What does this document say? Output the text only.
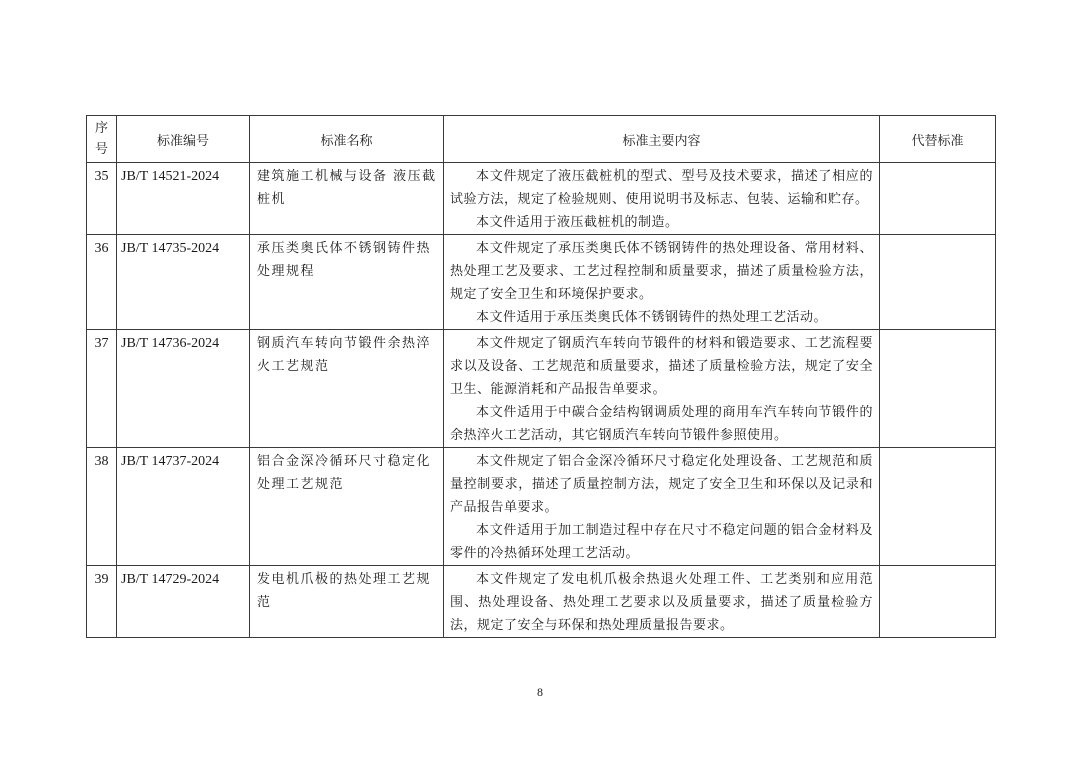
序号	标准编号	标准名称	标准主要内容	代替标准

35	JB/T 14521-2024	建筑施工机械与设备 液压截桩机	本文件规定了液压截桩机的型式、型号及技术要求，描述了相应的试验方法，规定了检验规则、使用说明书及标志、包装、运输和贮存。

本文件适用于液压截桩机的制造。	

36	JB/T 14735-2024	承压类奥氏体不锈钢铸件热处理规程	本文件规定了承压类奥氏体不锈钢铸件的热处理设备、常用材料、热处理工艺及要求、工艺过程控制和质量要求，描述了质量检验方法，规定了安全卫生和环境保护要求。

本文件适用于承压类奥氏体不锈钢铸件的热处理工艺活动。	

37	JB/T 14736-2024	钢质汽车转向节锻件余热淬火工艺规范	本文件规定了钢质汽车转向节锻件的材料和锻造要求、工艺流程要求以及设备、工艺规范和质量要求，描述了质量检验方法，规定了安全卫生、能源消耗和产品报告单要求。

本文件适用于中碳合金结构钢调质处理的商用车汽车转向节锻件的余热淬火工艺活动，其它钢质汽车转向节锻件参照使用。	

38	JB/T 14737-2024	铝合金深冷循环尺寸稳定化处理工艺规范	本文件规定了铝合金深冷循环尺寸稳定化处理设备、工艺规范和质量控制要求，描述了质量控制方法，规定了安全卫生和环保以及记录和产品报告单要求。

本文件适用于加工制造过程中存在尺寸不稳定问题的铝合金材料及零件的冷热循环处理工艺活动。	

39	JB/T 14729-2024	发电机爪极的热处理工艺规范	本文件规定了发电机爪极余热退火处理工件、工艺类别和应用范围、热处理设备、热处理工艺要求以及质量要求，描述了质量检验方法，规定了安全与环保和热处理质量报告要求。	

8
